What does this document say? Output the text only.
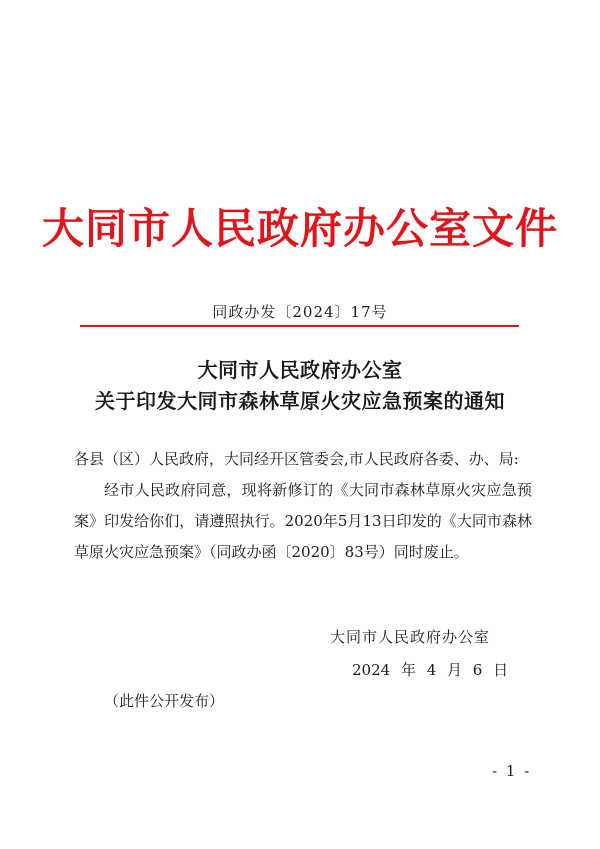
大同市人民政府办公室文件
同政办发〔2024〕17号
大同市人民政府办公室
关于印发大同市森林草原火灾应急预案的通知
各县（区）人民政府，大同经开区管委会,市人民政府各委、办、局:
经市人民政府同意，现将新修订的《大同市森林草原火灾应急预案》印发给你们，请遵照执行。2020年5月13日印发的《大同市森林草原火灾应急预案》（同政办函〔2020〕83号）同时废止。
大同市人民政府办公室
2024 年 4 月 6 日
（此件公开发布）
- 1 -
